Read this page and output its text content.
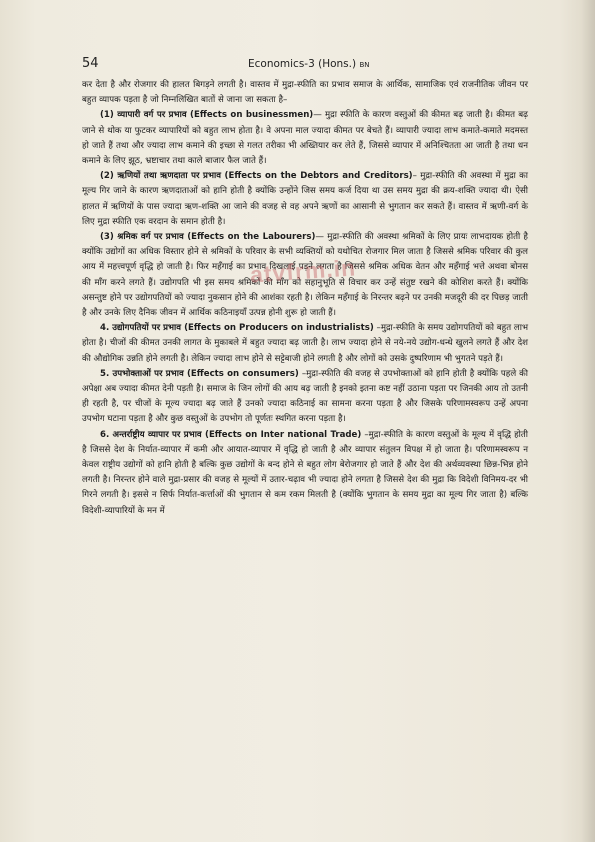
54	Economics-3 (Hons.) BN

कर देता है और रोजगार की हालत बिगड़ने लगती है। वास्तव में मुद्रा-स्फीति का प्रभाव समाज के आर्थिक, सामाजिक एवं राजनीतिक जीवन पर बहुत व्यापक पड़ता है जो निम्नलिखित बातों से जाना जा सकता है–

(1) व्यापारी वर्ग पर प्रभाव (Effects on businessmen)— मुद्रा स्फीति के कारण वस्तुओं की कीमत बढ़ जाती है। कीमत बढ़ जाने से थोक या फुटकर व्यापारियों को बहुत लाभ होता है। वे अपना माल ज्यादा कीमत पर बेचते हैं। व्यापारी ज्यादा लाभ कमाते-कमाते मदमस्त हो जाते हैं तथा और ज्यादा लाभ कमाने की इच्छा से गलत तरीका भी अख्तियार कर लेते हैं, जिससे व्यापार में अनिश्चितता आ जाती है तथा धन कमाने के लिए झूठ, भ्रष्टाचार तथा काले बाजार फैल जाते हैं।

(2) ऋणियों तथा ऋणदाता पर प्रभाव (Effects on the Debtors and Creditors)– मुद्रा-स्फीति की अवस्था में मुद्रा का मूल्य गिर जाने के कारण ऋणदाताओं को हानि होती है क्योंकि उन्होंने जिस समय कर्ज दिया था उस समय मुद्रा की क्रय-शक्ति ज्यादा थी। ऐसी हालत में ऋणियों के पास ज्यादा ऋण-शक्ति आ जाने की वजह से वह अपने ऋणों का आसानी से भुगतान कर सकते हैं। वास्तव में ऋणी-वर्ग के लिए मुद्रा स्फीति एक वरदान के समान होती है।

(3) श्रमिक वर्ग पर प्रभाव (Effects on the Labourers)— मुद्रा-स्फीति की अवस्था श्रमिकों के लिए प्रायः लाभदायक होती है क्योंकि उद्योगों का अधिक विस्तार होने से श्रमिकों के परिवार के सभी व्यक्तियों को यथोचित रोजगार मिल जाता है जिससे श्रमिक परिवार की कुल आय में महत्त्वपूर्ण वृद्धि हो जाती है। फिर महँगाई का प्रभाव दिखलाई पड़ने लगता है जिससे श्रमिक अधिक वेतन और महँगाई भत्ते अथवा बोनस की माँग करने लगते हैं। उद्योगपति भी इस समय श्रमिकों की माँग को सहानुभूति से विचार कर उन्हें संतुष्ट रखने की कोशिश करते हैं। क्योंकि असन्तुष्ट होने पर उद्योगपतियों को ज्यादा नुकसान होने की आशंका रहती है। लेकिन महँगाई के निरन्तर बढ़ने पर उनकी मजदूरी की दर पिछड़ जाती है और उनके लिए दैनिक जीवन में आर्थिक कठिनाइयाँ उत्पन्न होनी शुरू हो जाती हैं।

4. उद्योगपतियों पर प्रभाव (Effects on Producers on industrialists) –मुद्रा-स्फीति के समय उद्योगपतियों को बहुत लाभ होता है। चीजों की कीमत उनकी लागत के मुकाबले में बहुत ज्यादा बढ़ जाती है। लाभ ज्यादा होने से नये-नये उद्योग-धन्धे खुलने लगते हैं और देश की औद्योगिक उन्नति होने लगती है। लेकिन ज्यादा लाभ होने से सट्टेबाजी होने लगती है और लोगों को उसके दुष्परिणाम भी भुगतने पड़ते हैं।

5. उपभोक्ताओं पर प्रभाव (Effects on consumers) –मुद्रा-स्फीति की वजह से उपभोक्ताओं को हानि होती है क्योंकि पहले की अपेक्षा अब ज्यादा कीमत देनी पड़ती है। समाज के जिन लोगों की आय बढ़ जाती है इनको इतना कष्ट नहीं उठाना पड़ता पर जिनकी आय तो उतनी ही रहती है, पर चीजों के मूल्य ज्यादा बढ़ जाते हैं उनको ज्यादा कठिनाई का सामना करना पड़ता है और जिसके परिणामस्वरूप उन्हें अपना उपभोग घटाना पड़ता है और कुछ वस्तुओं के उपभोग तो पूर्णतः स्थगित करना पड़ता है।

6. अन्तर्राष्ट्रीय व्यापार पर प्रभाव (Effects on Inter national Trade) –मुद्रा-स्फीति के कारण वस्तुओं के मूल्य में वृद्धि होती है जिससे देश के निर्यात-व्यापार में कमी और आयात-व्यापार में वृद्धि हो जाती है और व्यापार संतुलन विपक्ष में हो जाता है। परिणामस्वरूप न केवल राष्ट्रीय उद्योगों को हानि होती है बल्कि कुछ उद्योगों के बन्द होने से बहुत लोग बेरोजगार हो जाते हैं और देश की अर्थव्यवस्था छिन्न-भिन्न होने लगती है। निरन्तर होने वाले मुद्रा-प्रसार की वजह से मूल्यों में उतार-चढ़ाव भी ज्यादा होने लगता है जिससे देश की मुद्रा कि विदेशी विनिमय-दर भी गिरने लगती है। इससे न सिर्फ निर्यात-कर्त्ताओं की भुगतान से कम रकम मिलती है (क्योंकि भुगतान के समय मुद्रा का मूल्य गिर जाता है) बल्कि विदेशी-व्यापारियों के मन में

atvfrm.in
